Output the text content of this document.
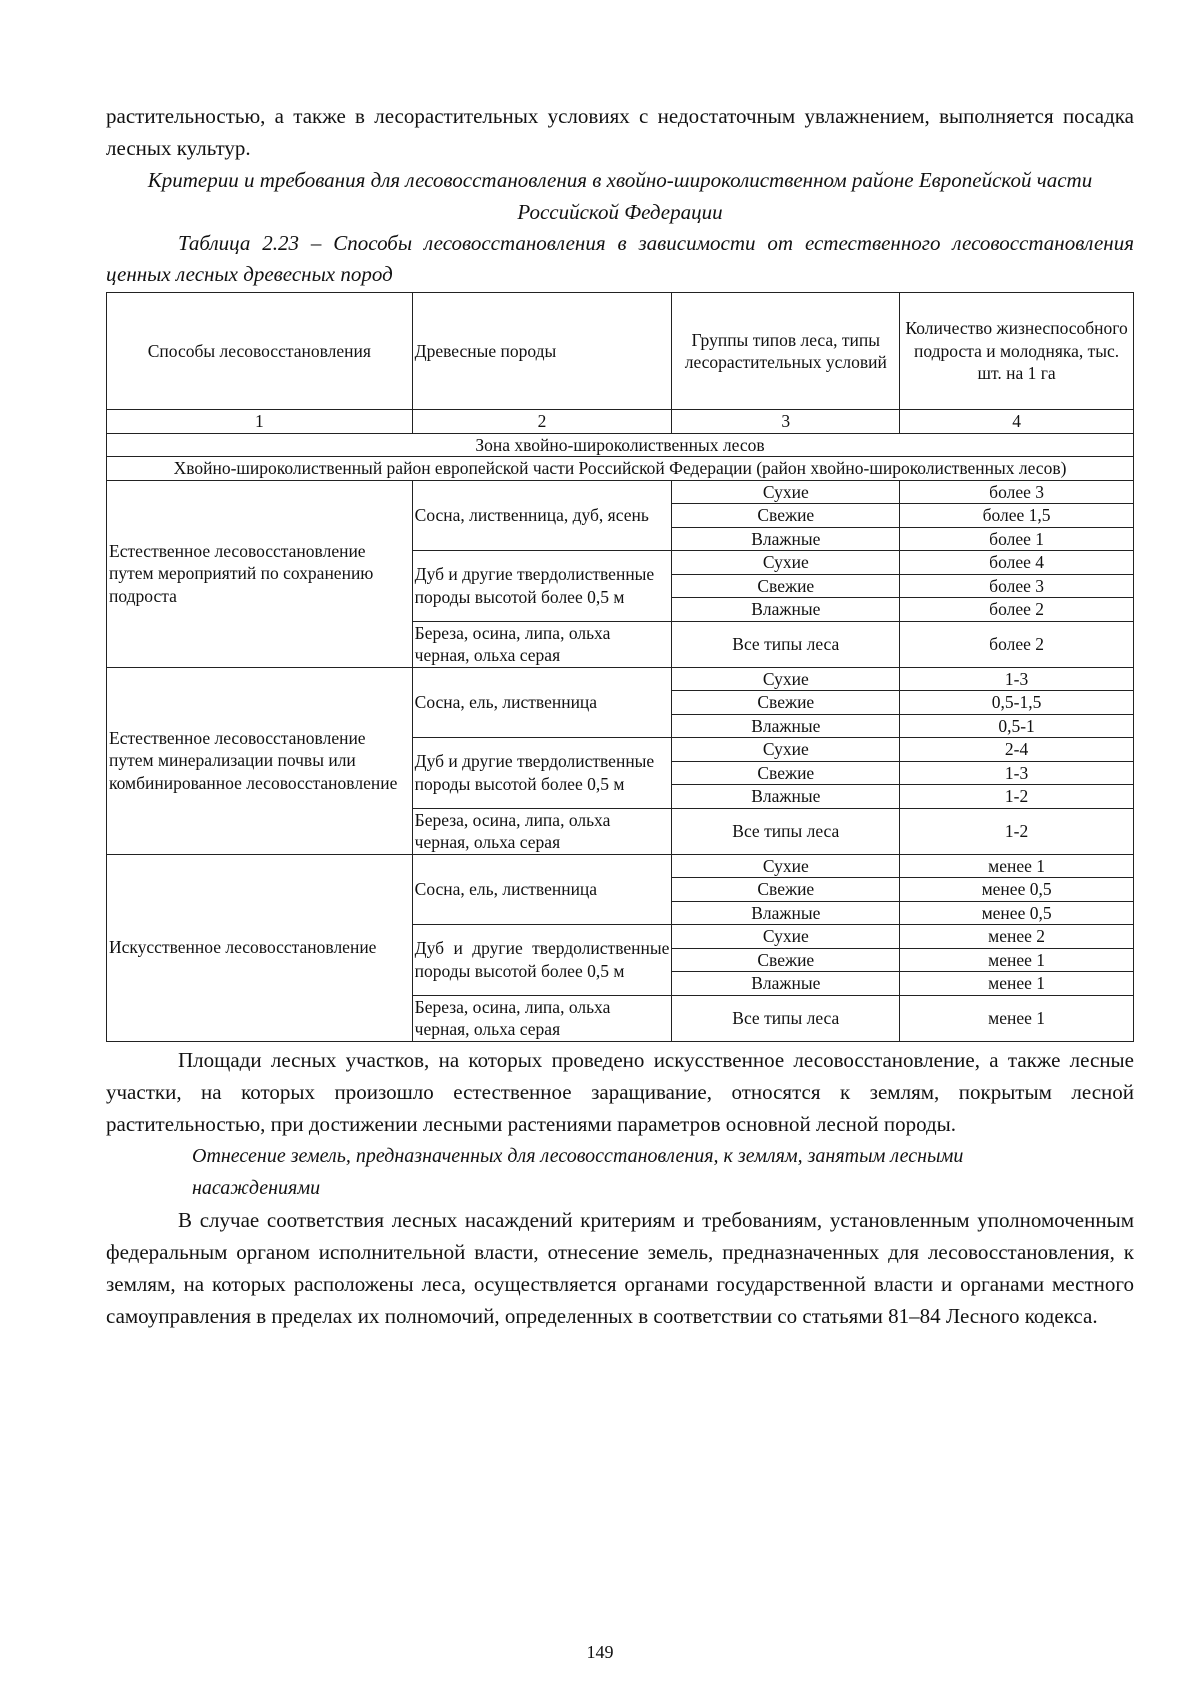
растительностью, а также в лесорастительных условиях с недостаточным увлажнением, выполняется посадка лесных культур.

Критерии и требования для лесовосстановления в хвойно-широколиственном районе Европейской части Российской Федерации

Таблица 2.23 – Способы лесовосстановления в зависимости от естественного лесовосстановления ценных лесных древесных пород

Способы лесовосстановления	Древесные породы	Группы типов леса, типы лесорастительных условий	Количество жизнеспособного подроста и молодняка, тыс. шт. на 1 га
1	2	3	4
Зона хвойно-широколиственных лесов			
Хвойно-широколиственный район европейской части Российской Федерации (район хвойно-широколиственных лесов)			
Естественное лесовосстановление путем мероприятий по сохранению подроста	Сосна, лиственница, дуб, ясень	Сухие	более 3
		Свежие	более 1,5
		Влажные	более 1
	Дуб и другие твердолиственные породы высотой более 0,5 м	Сухие	более 4
		Свежие	более 3
		Влажные	более 2
	Береза, осина, липа, ольха черная, ольха серая	Все типы леса	более 2
Естественное лесовосстановление путем минерализации почвы или комбинированное лесовосстановление	Сосна, ель, лиственница	Сухие	1-3
		Свежие	0,5-1,5
		Влажные	0,5-1
	Дуб и другие твердолиственные породы высотой более 0,5 м	Сухие	2-4
		Свежие	1-3
		Влажные	1-2
	Береза, осина, липа, ольха черная, ольха серая	Все типы леса	1-2
Искусственное лесовосстановление	Сосна, ель, лиственница	Сухие	менее 1
		Свежие	менее 0,5
		Влажные	менее 0,5
	Дуб и другие твердолиственные породы высотой более 0,5 м	Сухие	менее 2
		Свежие	менее 1
		Влажные	менее 1
	Береза, осина, липа, ольха черная, ольха серая	Все типы леса	менее 1

Площади лесных участков, на которых проведено искусственное лесовосстановление, а также лесные участки, на которых произошло естественное заращивание, относятся к землям, покрытым лесной растительностью, при достижении лесными растениями параметров основной лесной породы.

Отнесение земель, предназначенных для лесовосстановления, к землям, занятым лесными насаждениями

В случае соответствия лесных насаждений критериям и требованиям, установленным уполномоченным федеральным органом исполнительной власти, отнесение земель, предназначенных для лесовосстановления, к землям, на которых расположены леса, осуществляется органами государственной власти и органами местного самоуправления в пределах их полномочий, определенных в соответствии со статьями 81–84 Лесного кодекса.

149
